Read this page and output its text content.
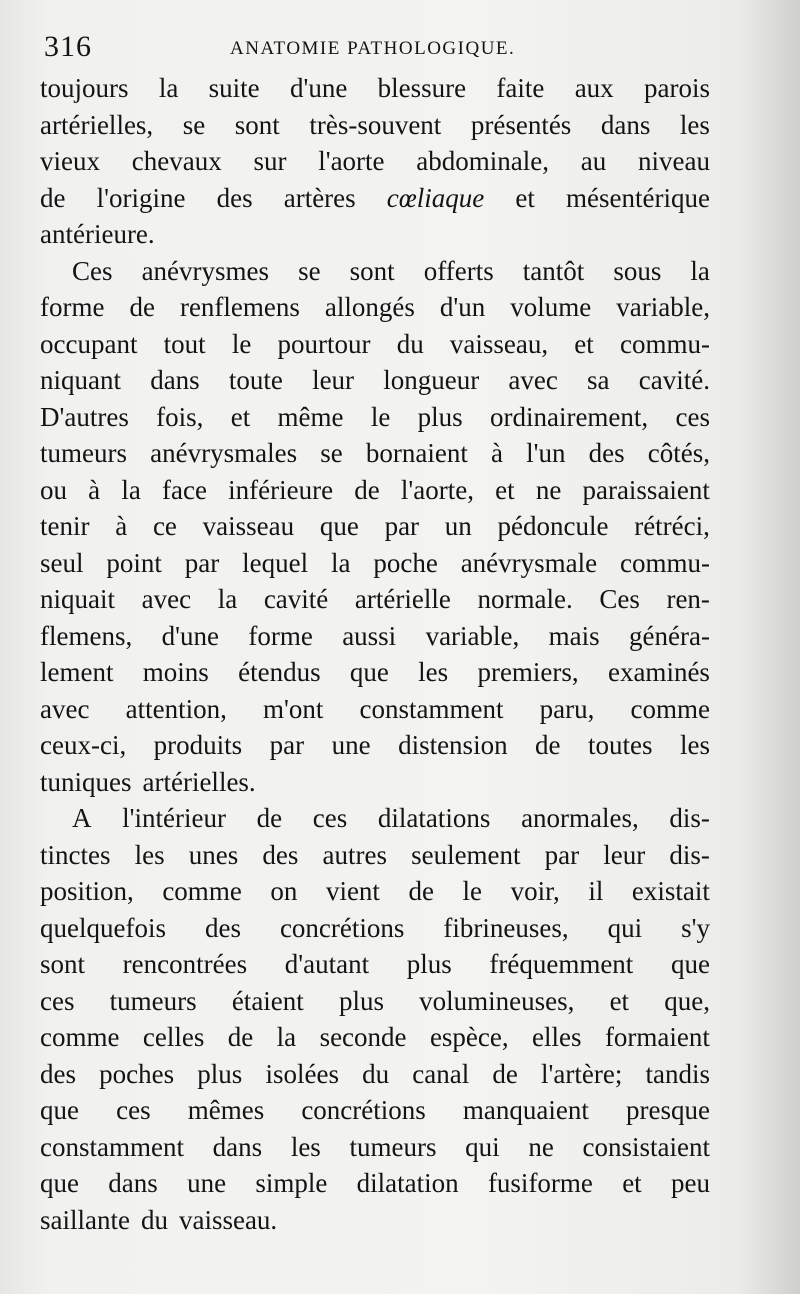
316	ANATOMIE PATHOLOGIQUE.
toujours la suite d'une blessure faite aux parois
artérielles, se sont très-souvent présentés dans les
vieux chevaux sur l'aorte abdominale, au niveau
de l'origine des artères cœliaque et mésentérique
antérieure.
Ces anévrysmes se sont offerts tantôt sous la
forme de renflemens allongés d'un volume variable,
occupant tout le pourtour du vaisseau, et commu-
niquant dans toute leur longueur avec sa cavité.
D'autres fois, et même le plus ordinairement, ces
tumeurs anévrysmales se bornaient à l'un des côtés,
ou à la face inférieure de l'aorte, et ne paraissaient
tenir à ce vaisseau que par un pédoncule rétréci,
seul point par lequel la poche anévrysmale commu-
niquait avec la cavité artérielle normale. Ces ren-
flemens, d'une forme aussi variable, mais généra-
lement moins étendus que les premiers, examinés
avec attention, m'ont constamment paru, comme
ceux-ci, produits par une distension de toutes les
tuniques artérielles.
A l'intérieur de ces dilatations anormales, dis-
tinctes les unes des autres seulement par leur dis-
position, comme on vient de le voir, il existait
quelquefois des concrétions fibrineuses, qui s'y
sont rencontrées d'autant plus fréquemment que
ces tumeurs étaient plus volumineuses, et que,
comme celles de la seconde espèce, elles formaient
des poches plus isolées du canal de l'artère; tandis
que ces mêmes concrétions manquaient presque
constamment dans les tumeurs qui ne consistaient
que dans une simple dilatation fusiforme et peu
saillante du vaisseau.
